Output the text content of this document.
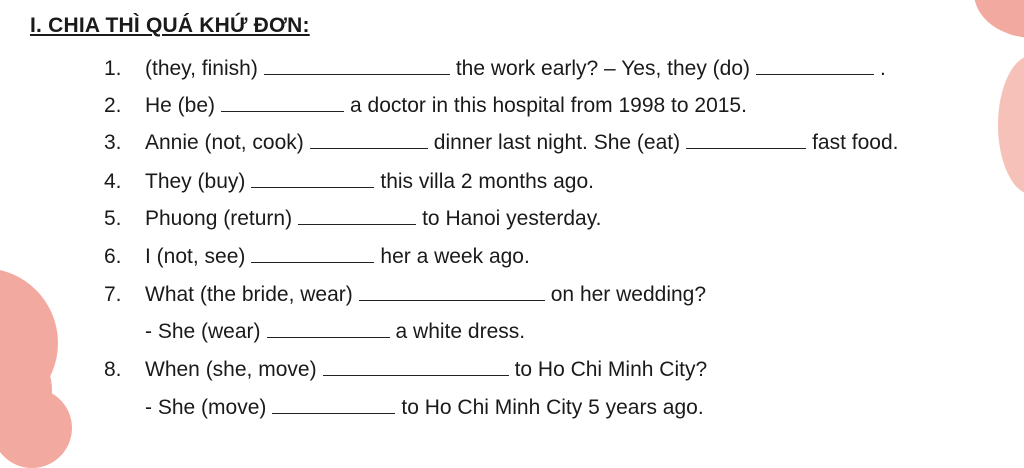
I. CHIA THÌ QUÁ KHỨ ĐƠN:
1. (they, finish)	the work early? – Yes, they (do)	.
2. He (be)	a doctor in this hospital from 1998 to 2015.
3. Annie (not, cook)	dinner last night. She (eat)	fast food.
4. They (buy)	this villa 2 months ago.
5. Phuong (return)	to Hanoi yesterday.
6. I (not, see)	her a week ago.
7. What (the bride, wear)	on her wedding?
- She (wear)	a white dress.
8. When (she, move)	to Ho Chi Minh City?
- She (move)	to Ho Chi Minh City 5 years ago.
